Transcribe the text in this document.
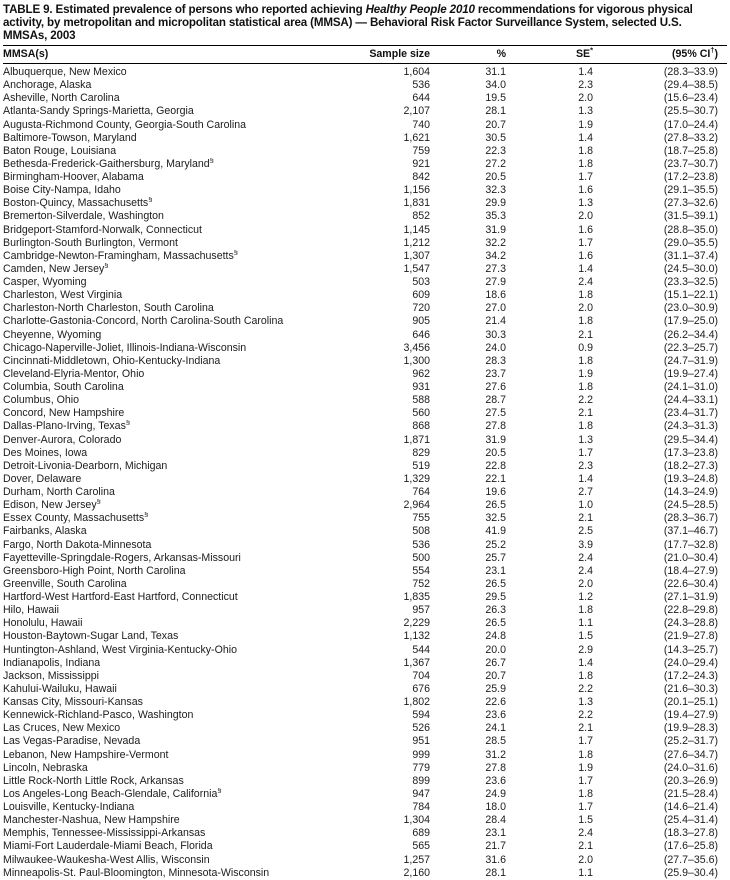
TABLE 9. Estimated prevalence of persons who reported achieving Healthy People 2010 recommendations for vigorous physical activity, by metropolitan and micropolitan statistical area (MMSA) — Behavioral Risk Factor Surveillance System, selected U.S. MMSAs, 2003
MMSA(s)	Sample size	%	SE*	(95% CI†)
Albuquerque, New Mexico	1,604	31.1	1.4	(28.3–33.9)
Anchorage, Alaska	536	34.0	2.3	(29.4–38.5)
Asheville, North Carolina	644	19.5	2.0	(15.6–23.4)
Atlanta-Sandy Springs-Marietta, Georgia	2,107	28.1	1.3	(25.5–30.7)
Augusta-Richmond County, Georgia-South Carolina	740	20.7	1.9	(17.0–24.4)
Baltimore-Towson, Maryland	1,621	30.5	1.4	(27.8–33.2)
Baton Rouge, Louisiana	759	22.3	1.8	(18.7–25.8)
Bethesda-Frederick-Gaithersburg, Maryland§	921	27.2	1.8	(23.7–30.7)
Birmingham-Hoover, Alabama	842	20.5	1.7	(17.2–23.8)
Boise City-Nampa, Idaho	1,156	32.3	1.6	(29.1–35.5)
Boston-Quincy, Massachusetts§	1,831	29.9	1.3	(27.3–32.6)
Bremerton-Silverdale, Washington	852	35.3	2.0	(31.5–39.1)
Bridgeport-Stamford-Norwalk, Connecticut	1,145	31.9	1.6	(28.8–35.0)
Burlington-South Burlington, Vermont	1,212	32.2	1.7	(29.0–35.5)
Cambridge-Newton-Framingham, Massachusetts§	1,307	34.2	1.6	(31.1–37.4)
Camden, New Jersey§	1,547	27.3	1.4	(24.5–30.0)
Casper, Wyoming	503	27.9	2.4	(23.3–32.5)
Charleston, West Virginia	609	18.6	1.8	(15.1–22.1)
Charleston-North Charleston, South Carolina	720	27.0	2.0	(23.0–30.9)
Charlotte-Gastonia-Concord, North Carolina-South Carolina	905	21.4	1.8	(17.9–25.0)
Cheyenne, Wyoming	646	30.3	2.1	(26.2–34.4)
Chicago-Naperville-Joliet, Illinois-Indiana-Wisconsin	3,456	24.0	0.9	(22.3–25.7)
Cincinnati-Middletown, Ohio-Kentucky-Indiana	1,300	28.3	1.8	(24.7–31.9)
Cleveland-Elyria-Mentor, Ohio	962	23.7	1.9	(19.9–27.4)
Columbia, South Carolina	931	27.6	1.8	(24.1–31.0)
Columbus, Ohio	588	28.7	2.2	(24.4–33.1)
Concord, New Hampshire	560	27.5	2.1	(23.4–31.7)
Dallas-Plano-Irving, Texas§	868	27.8	1.8	(24.3–31.3)
Denver-Aurora, Colorado	1,871	31.9	1.3	(29.5–34.4)
Des Moines, Iowa	829	20.5	1.7	(17.3–23.8)
Detroit-Livonia-Dearborn, Michigan	519	22.8	2.3	(18.2–27.3)
Dover, Delaware	1,329	22.1	1.4	(19.3–24.8)
Durham, North Carolina	764	19.6	2.7	(14.3–24.9)
Edison, New Jersey§	2,964	26.5	1.0	(24.5–28.5)
Essex County, Massachusetts§	755	32.5	2.1	(28.3–36.7)
Fairbanks, Alaska	508	41.9	2.5	(37.1–46.7)
Fargo, North Dakota-Minnesota	536	25.2	3.9	(17.7–32.8)
Fayetteville-Springdale-Rogers, Arkansas-Missouri	500	25.7	2.4	(21.0–30.4)
Greensboro-High Point, North Carolina	554	23.1	2.4	(18.4–27.9)
Greenville, South Carolina	752	26.5	2.0	(22.6–30.4)
Hartford-West Hartford-East Hartford, Connecticut	1,835	29.5	1.2	(27.1–31.9)
Hilo, Hawaii	957	26.3	1.8	(22.8–29.8)
Honolulu, Hawaii	2,229	26.5	1.1	(24.3–28.8)
Houston-Baytown-Sugar Land, Texas	1,132	24.8	1.5	(21.9–27.8)
Huntington-Ashland, West Virginia-Kentucky-Ohio	544	20.0	2.9	(14.3–25.7)
Indianapolis, Indiana	1,367	26.7	1.4	(24.0–29.4)
Jackson, Mississippi	704	20.7	1.8	(17.2–24.3)
Kahului-Wailuku, Hawaii	676	25.9	2.2	(21.6–30.3)
Kansas City, Missouri-Kansas	1,802	22.6	1.3	(20.1–25.1)
Kennewick-Richland-Pasco, Washington	594	23.6	2.2	(19.4–27.9)
Las Cruces, New Mexico	526	24.1	2.1	(19.9–28.3)
Las Vegas-Paradise, Nevada	951	28.5	1.7	(25.2–31.7)
Lebanon, New Hampshire-Vermont	999	31.2	1.8	(27.6–34.7)
Lincoln, Nebraska	779	27.8	1.9	(24.0–31.6)
Little Rock-North Little Rock, Arkansas	899	23.6	1.7	(20.3–26.9)
Los Angeles-Long Beach-Glendale, California§	947	24.9	1.8	(21.5–28.4)
Louisville, Kentucky-Indiana	784	18.0	1.7	(14.6–21.4)
Manchester-Nashua, New Hampshire	1,304	28.4	1.5	(25.4–31.4)
Memphis, Tennessee-Mississippi-Arkansas	689	23.1	2.4	(18.3–27.8)
Miami-Fort Lauderdale-Miami Beach, Florida	565	21.7	2.1	(17.6–25.8)
Milwaukee-Waukesha-West Allis, Wisconsin	1,257	31.6	2.0	(27.7–35.6)
Minneapolis-St. Paul-Bloomington, Minnesota-Wisconsin	2,160	28.1	1.1	(25.9–30.4)
